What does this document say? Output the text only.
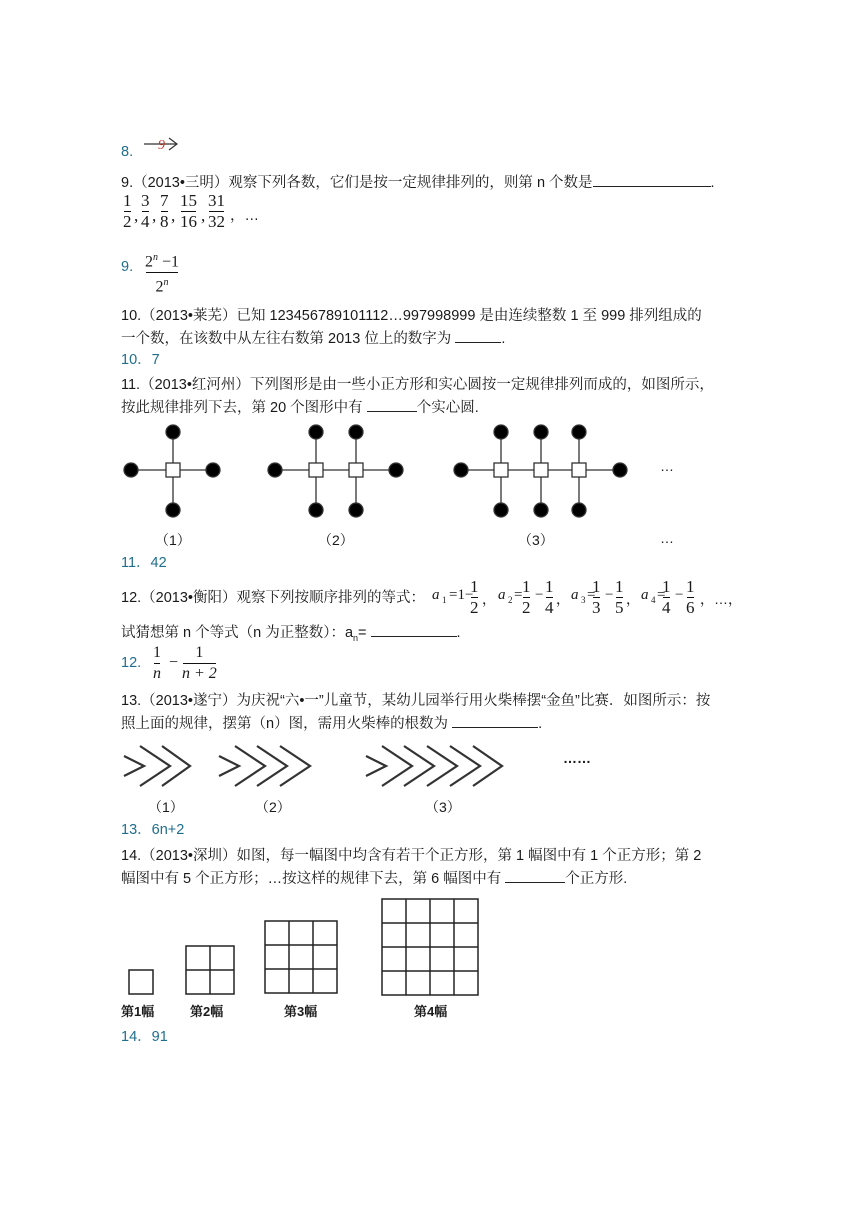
8. 9
9.（2013•三明）观察下列各数，它们是按一定规律排列的，则第 n 个数是	.
1
2 ,
3
4 ,
7
8 ,
15
16 ,
31
32 ，…
9. $2^n -1$
2$^n$
10.（2013•莱芜）已知 123456789101112…997998999 是由连续整数 1 至 999 排列组成的
一个数，在该数中从左往右数第 2013 位上的数字为	.
10．7
11.（2013•红河州）下列图形是由一些小正方形和实心圆按一定规律排列而成的，如图所示，
按此规律排列下去，第 20 个图形中有	个实心圆.
…
（1）	（2）	（3）	…
11．42
12.（2013•衡阳）观察下列按顺序排列的等式： a 1 =1−
1
2 ， a 2 = 1
2
− 1
4 ， a 3 =
1
3
− 1
5 ， a 4 =
1
4
− 1
6 ，…，
试猜想第 n 个等式（n 为正整数）：$a_n=$	.
12.
1
n
−
1
n + 2
13.（2013•遂宁）为庆祝“六•一”儿童节，某幼儿园举行用火柴棒摆“金鱼”比赛．如图所示：按
照上面的规律，摆第（n）图，需用火柴棒的根数为	.
……
（1）	（2）	（3）
13．6n+2
14.（2013•深圳）如图，每一幅图中均含有若干个正方形，第 1 幅图中有 1 个正方形；第 2
幅图中有 5 个正方形；…按这样的规律下去，第 6 幅图中有	个正方形.
第1幅	第2幅	第3幅	第4幅
14．91
